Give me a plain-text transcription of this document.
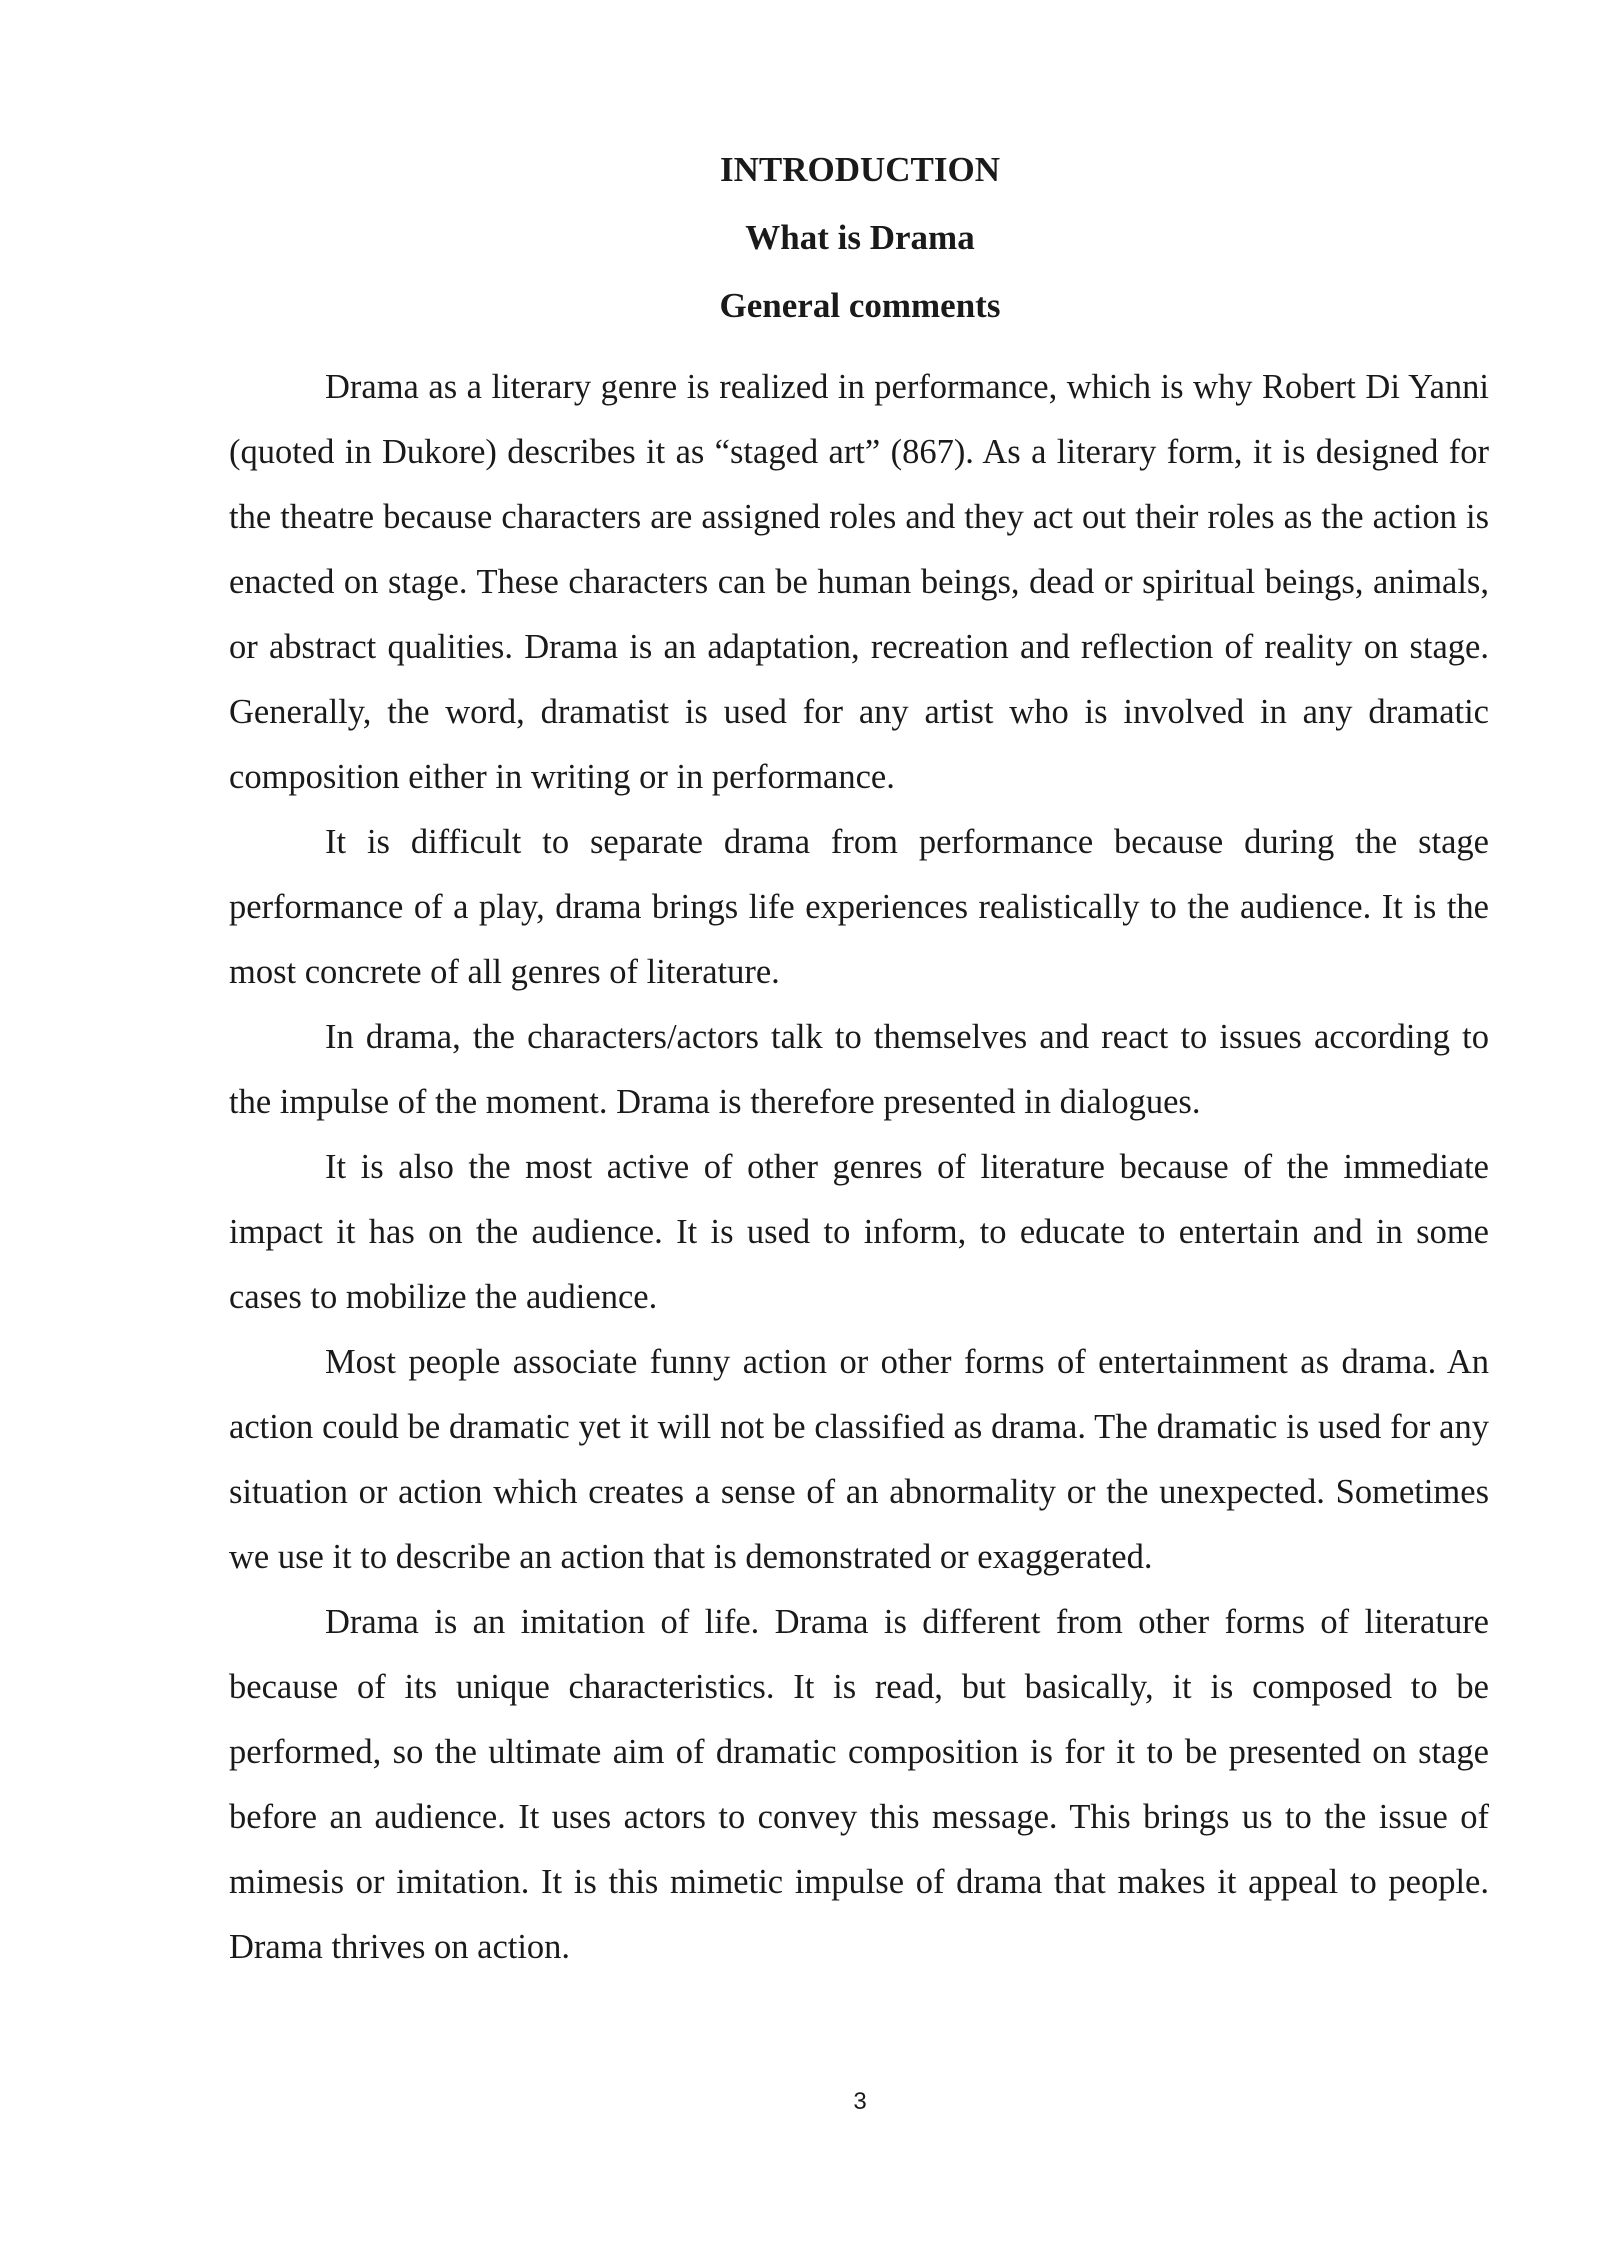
INTRODUCTION
What is Drama
General comments

Drama as a literary genre is realized in performance, which is why Robert Di Yanni (quoted in Dukore) describes it as “staged art” (867). As a literary form, it is designed for the theatre because characters are assigned roles and they act out their roles as the action is enacted on stage. These characters can be human beings, dead or spiritual beings, animals, or abstract qualities. Drama is an adaptation, recreation and reflection of reality on stage. Generally, the word, dramatist is used for any artist who is involved in any dramatic composition either in writing or in performance.

It is difficult to separate drama from performance because during the stage performance of a play, drama brings life experiences realistically to the audience. It is the most concrete of all genres of literature.

In drama, the characters/actors talk to themselves and react to issues according to the impulse of the moment. Drama is therefore presented in dialogues.

It is also the most active of other genres of literature because of the immediate impact it has on the audience. It is used to inform, to educate to entertain and in some cases to mobilize the audience.

Most people associate funny action or other forms of entertainment as drama. An action could be dramatic yet it will not be classified as drama. The dramatic is used for any situation or action which creates a sense of an abnormality or the unexpected. Sometimes we use it to describe an action that is demonstrated or exaggerated.

Drama is an imitation of life. Drama is different from other forms of literature because of its unique characteristics. It is read, but basically, it is composed to be performed, so the ultimate aim of dramatic composition is for it to be presented on stage before an audience. It uses actors to convey this message. This brings us to the issue of mimesis or imitation. It is this mimetic impulse of drama that makes it appeal to people. Drama thrives on action.

3
